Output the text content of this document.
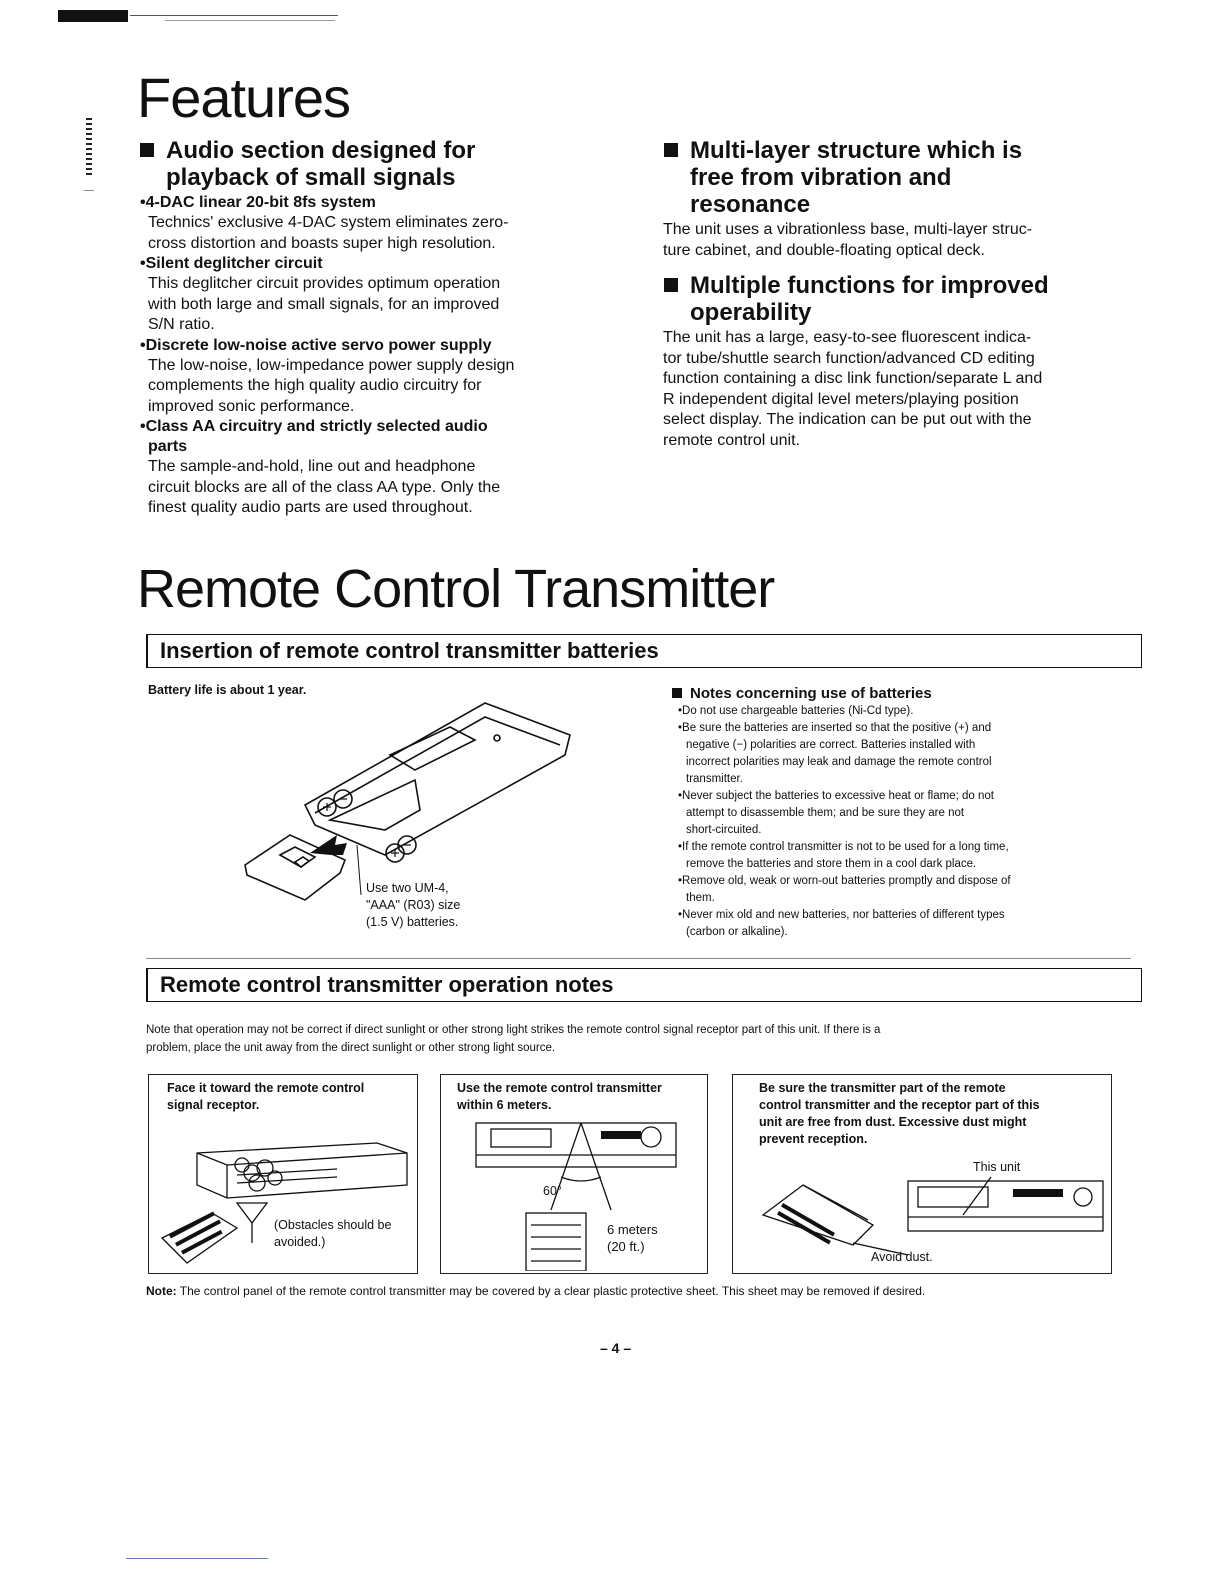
Features
Audio section designed for
playback of small signals
•4-DAC linear 20-bit 8fs system

Technics' exclusive 4-DAC system eliminates zero-

cross distortion and boasts super high resolution.

•Silent deglitcher circuit

This deglitcher circuit provides optimum operation

with both large and small signals, for an improved

S/N ratio.

•Discrete low-noise active servo power supply

The low-noise, low-impedance power supply design

complements the high quality audio circuitry for

improved sonic performance.

•Class AA circuitry and strictly selected audio

parts

The sample-and-hold, line out and headphone

circuit blocks are all of the class AA type. Only the

finest quality audio parts are used throughout.

Multi-layer structure which is
free from vibration and
resonance

The unit uses a vibrationless base, multi-layer struc-

ture cabinet, and double-floating optical deck.

Multiple functions for improved
operability

The unit has a large, easy-to-see fluorescent indica-

tor tube/shuttle search function/advanced CD editing

function containing a disc link function/separate L and

R independent digital level meters/playing position

select display. The indication can be put out with the

remote control unit.

Remote Control Transmitter
Insertion of remote control transmitter batteries
Battery life is about 1 year.

Use two UM-4,

"AAA" (R03) size

(1.5 V) batteries.

Notes concerning use of batteries

•Do not use chargeable batteries (Ni-Cd type).

•Be sure the batteries are inserted so that the positive (+) and

negative (−) polarities are correct. Batteries installed with

incorrect polarities may leak and damage the remote control

transmitter.

•Never subject the batteries to excessive heat or flame; do not

attempt to disassemble them; and be sure they are not

short-circuited.

•If the remote control transmitter is not to be used for a long time,

remove the batteries and store them in a cool dark place.

•Remove old, weak or worn-out batteries promptly and dispose of

them.

•Never mix old and new batteries, nor batteries of different types

(carbon or alkaline).

Remote control transmitter operation notes

Note that operation may not be correct if direct sunlight or other strong light strikes the remote control signal receptor part of this unit. If there is a

problem, place the unit away from the direct sunlight or other strong light source.

Face it toward the remote control

signal receptor.

(Obstacles should be

avoided.)

Use the remote control transmitter

within 6 meters.

60°

6 meters

(20 ft.)

Be sure the transmitter part of the remote

control transmitter and the receptor part of this

unit are free from dust. Excessive dust might

prevent reception.

This unit
Avoid dust.
Note: The control panel of the remote control transmitter may be covered by a clear plastic protective sheet. This sheet may be removed if desired.
– 4 –
